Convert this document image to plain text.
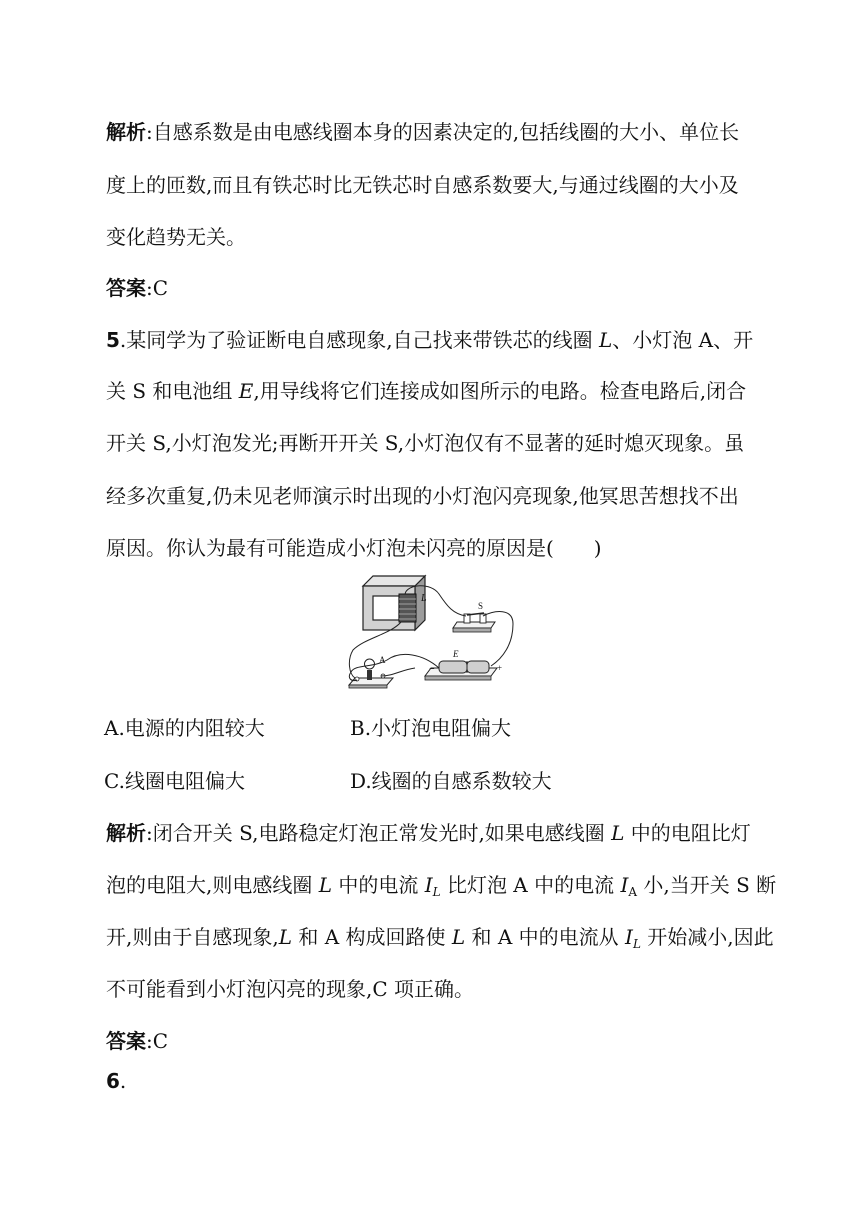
解析:自感系数是由电感线圈本身的因素决定的,包括线圈的大小、单位长
度上的匝数,而且有铁芯时比无铁芯时自感系数要大,与通过线圈的大小及
变化趋势无关。
答案:C
5.某同学为了验证断电自感现象,自己找来带铁芯的线圈 L、小灯泡 A、开
关 S 和电池组 E,用导线将它们连接成如图所示的电路。检查电路后,闭合
开关 S,小灯泡发光;再断开开关 S,小灯泡仅有不显著的延时熄灭现象。虽
经多次重复,仍未见老师演示时出现的小灯泡闪亮现象,他冥思苦想找不出
原因。你认为最有可能造成小灯泡未闪亮的原因是(　　)
L
S
E
−	+
A
A.电源的内阻较大	B.小灯泡电阻偏大
C.线圈电阻偏大	D.线圈的自感系数较大
解析:闭合开关 S,电路稳定灯泡正常发光时,如果电感线圈 L 中的电阻比灯
泡的电阻大,则电感线圈 L 中的电流 $I_L$ 比灯泡 A 中的电流 $I_A$ 小,当开关 S 断
开,则由于自感现象,L 和 A 构成回路使 L 和 A 中的电流从 $I_L$ 开始减小,因此
不可能看到小灯泡闪亮的现象,C 项正确。
答案:C
6.
